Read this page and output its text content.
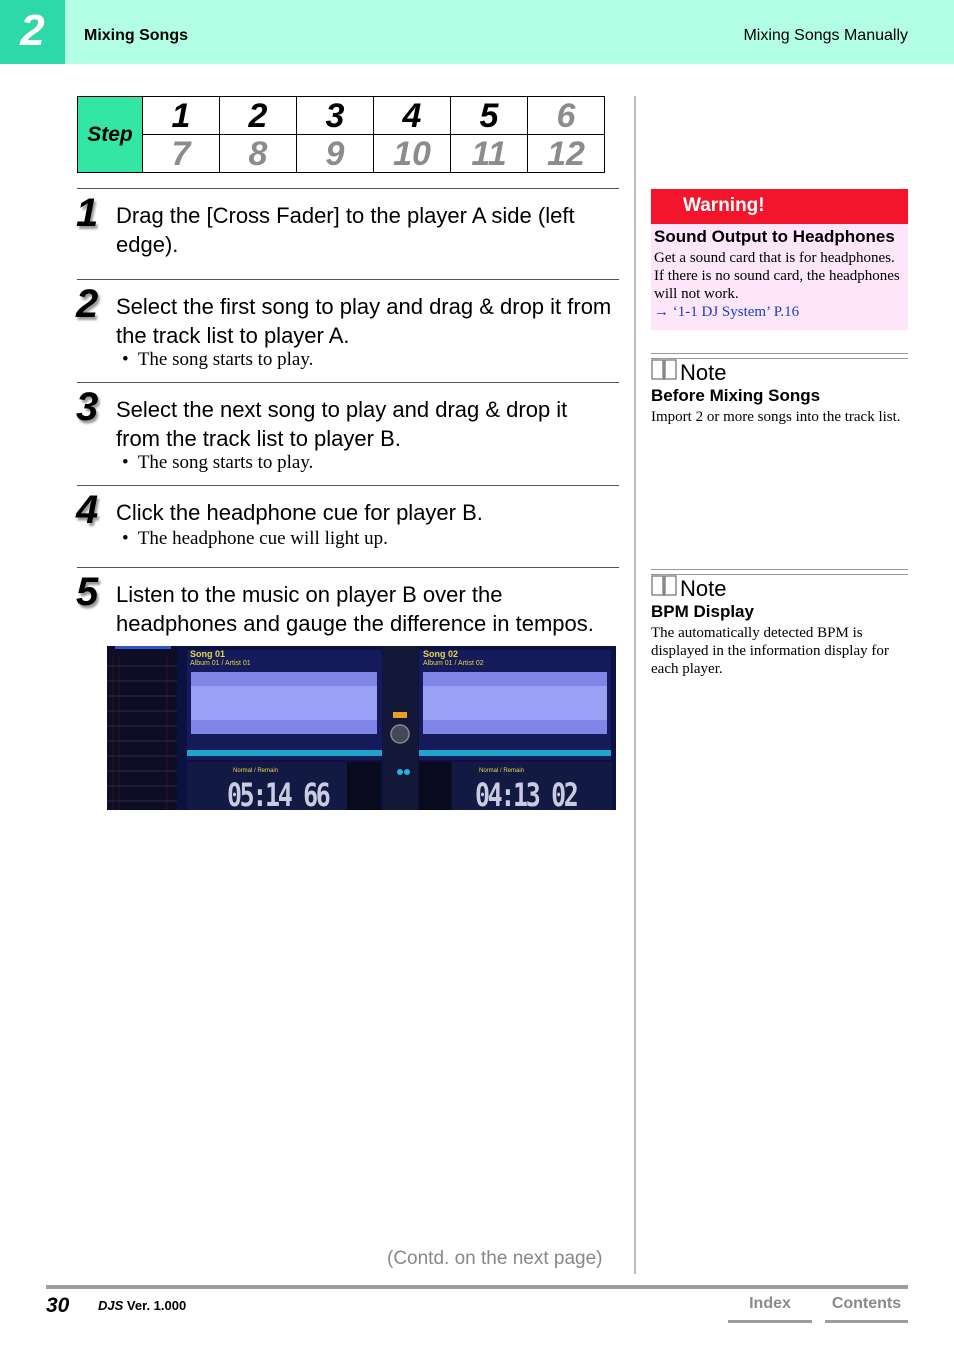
2	Mixing Songs	Mixing Songs Manually
Step	1	2	3	4	5	6
	7	8	9	10	11	12
1 Drag the [Cross Fader] to the player A side (left edge).
2 Select the first song to play and drag & drop it from the track list to player A.
•  The song starts to play.
3 Select the next song to play and drag & drop it from the track list to player B.
•  The song starts to play.
4 Click the headphone cue for player B.
•  The headphone cue will light up.
5 Listen to the music on player B over the headphones and gauge the difference in tempos.
Song 01
Album 01 / Artist 01
Song 02
Album 01 / Artist 02
Normal / Remain	Normal / Remain
05:14 66	04:13 02
Warning!
Sound Output to Headphones
Get a sound card that is for headphones. If there is no sound card, the headphones will not work.
→ ‘1-1 DJ System’ P.16
Note
Before Mixing Songs
Import 2 or more songs into the track list.
Note
BPM Display
The automatically detected BPM is displayed in the information display for each player.
(Contd. on the next page)
30 DJS Ver. 1.000	Index	Contents
